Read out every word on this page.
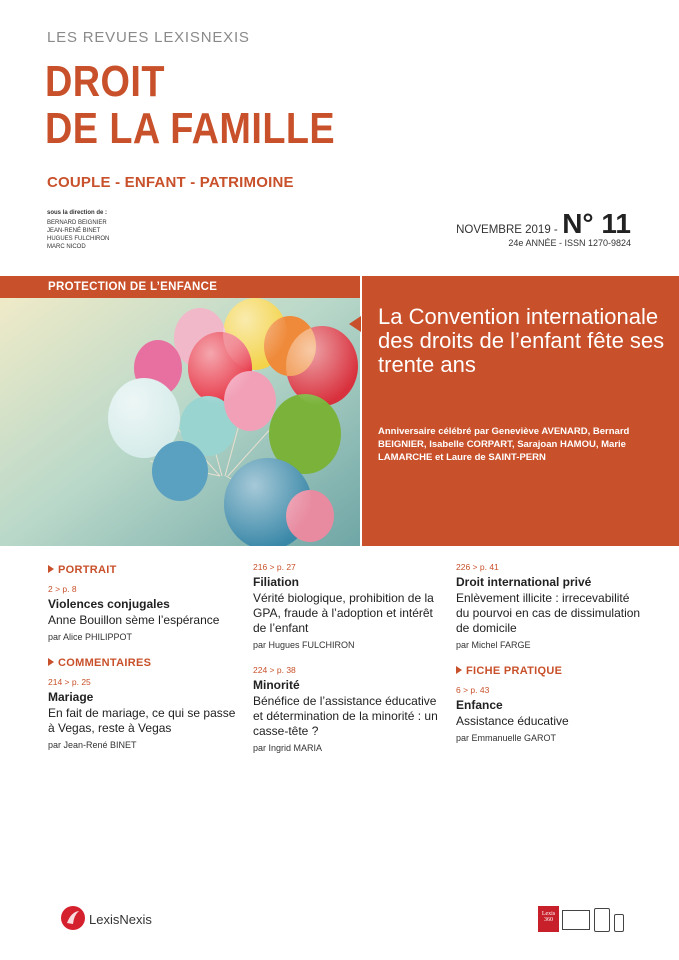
LES REVUES LEXISNEXIS
DROIT
DE LA FAMILLE
COUPLE - ENFANT - PATRIMOINE
sous la direction de :
BERNARD BEIGNIER
JEAN-RENÉ BINET
HUGUES FULCHIRON
MARC NICOD
NOVEMBRE 2019 - N° 11
24e ANNÉE - ISSN 1270-9824
PROTECTION DE L’ENFANCE
La Convention internationale des droits de l’enfant fête ses trente ans
Anniversaire célébré par Geneviève AVENARD, Bernard BEIGNIER, Isabelle CORPART, Sarajoan HAMOU, Marie LAMARCHE et Laure de SAINT-PERN
PORTRAIT
2 > p. 8
Violences conjugales
Anne Bouillon sème l’espérance
par Alice PHILIPPOT
COMMENTAIRES
214 > p. 25
Mariage
En fait de mariage, ce qui se passe à Vegas, reste à Vegas
par Jean-René BINET
216 > p. 27
Filiation
Vérité biologique, prohibition de la GPA, fraude à l’adoption et intérêt de l’enfant
par Hugues FULCHIRON
224 > p. 38
Minorité
Bénéfice de l’assistance éducative et détermination de la minorité : un casse-tête ?
par Ingrid MARIA
226 > p. 41
Droit international privé
Enlèvement illicite : irrecevabilité du pourvoi en cas de dissimulation de domicile
par Michel FARGE
FICHE PRATIQUE
6 > p. 43
Enfance
Assistance éducative
par Emmanuelle GAROT
LexisNexis	Lexis
360
